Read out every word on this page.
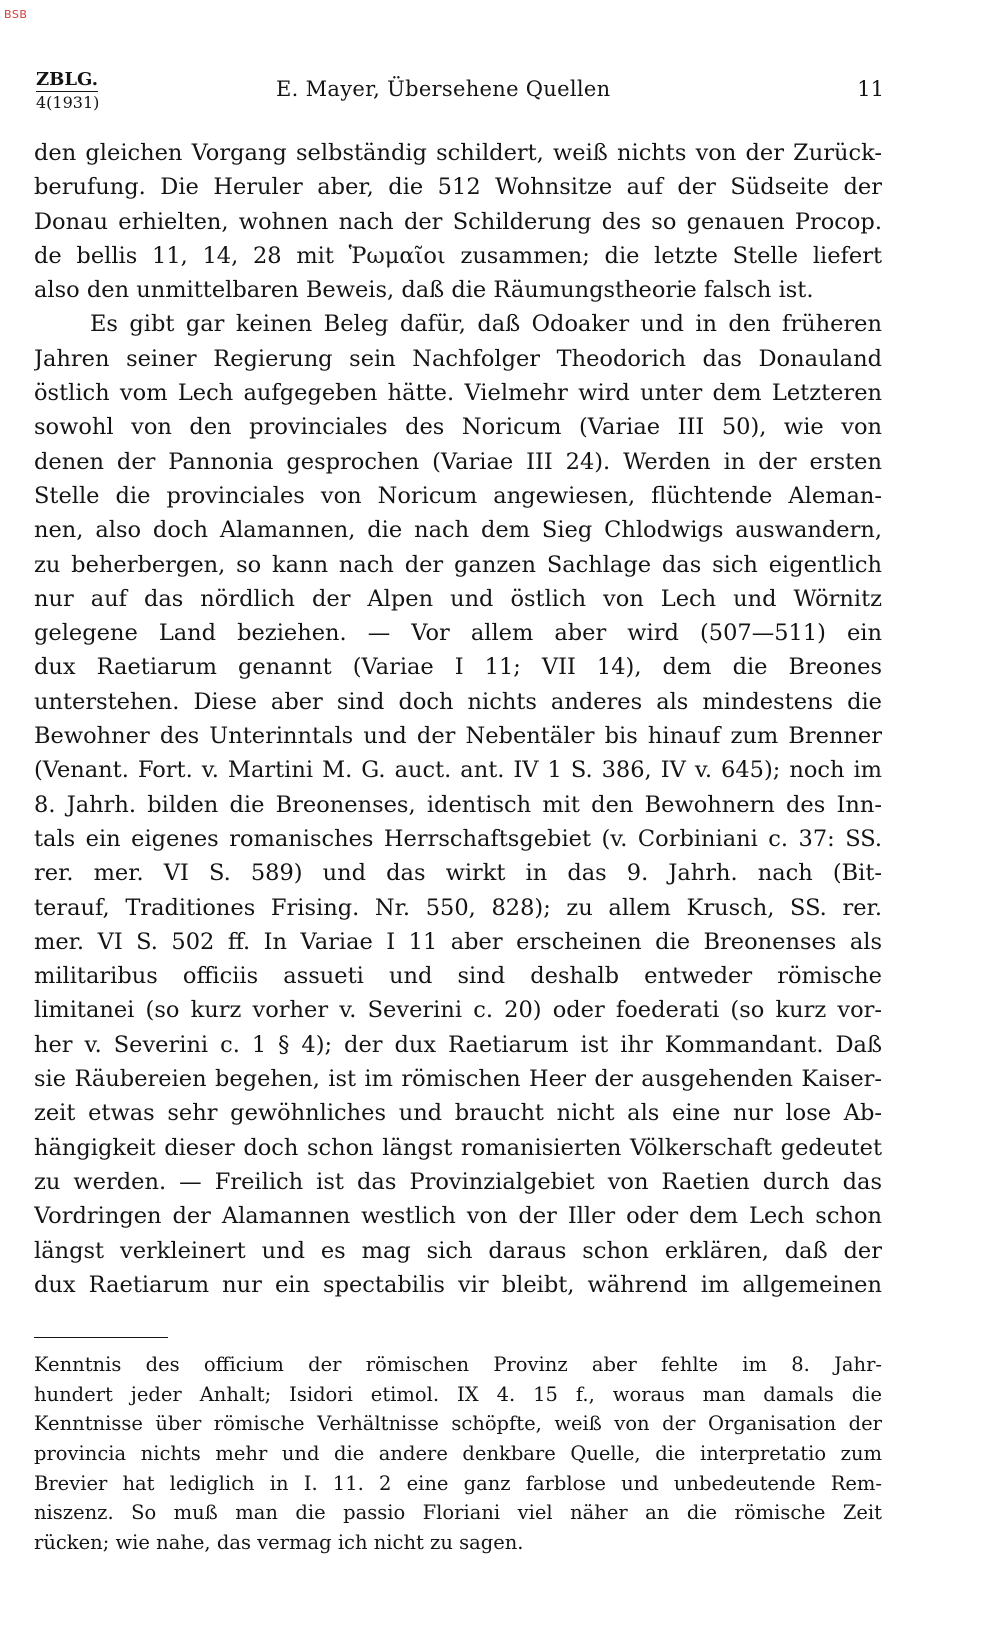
BSB
ZBLG.
4(1931)
E. Mayer, Übersehene Quellen	11
den gleichen Vorgang selbständig schildert, weiß nichts von der Zurück-
berufung. Die Heruler aber, die 512 Wohnsitze auf der Südseite der
Donau erhielten, wohnen nach der Schilderung des so genauen Procop.
de bellis 11, 14, 28 mit Ῥωμαῖοι zusammen; die letzte Stelle liefert
also den unmittelbaren Beweis, daß die Räumungstheorie falsch ist.
Es gibt gar keinen Beleg dafür, daß Odoaker und in den früheren
Jahren seiner Regierung sein Nachfolger Theodorich das Donauland
östlich vom Lech aufgegeben hätte. Vielmehr wird unter dem Letzteren
sowohl von den provinciales des Noricum (Variae III 50), wie von
denen der Pannonia gesprochen (Variae III 24). Werden in der ersten
Stelle die provinciales von Noricum angewiesen, flüchtende Aleman-
nen, also doch Alamannen, die nach dem Sieg Chlodwigs auswandern,
zu beherbergen, so kann nach der ganzen Sachlage das sich eigentlich
nur auf das nördlich der Alpen und östlich von Lech und Wörnitz
gelegene Land beziehen. — Vor allem aber wird (507—511) ein
dux Raetiarum genannt (Variae I 11; VII 14), dem die Breones
unterstehen. Diese aber sind doch nichts anderes als mindestens die
Bewohner des Unterinntals und der Nebentäler bis hinauf zum Brenner
(Venant. Fort. v. Martini M. G. auct. ant. IV 1 S. 386, IV v. 645); noch im
8. Jahrh. bilden die Breonenses, identisch mit den Bewohnern des Inn-
tals ein eigenes romanisches Herrschaftsgebiet (v. Corbiniani c. 37: SS.
rer. mer. VI S. 589) und das wirkt in das 9. Jahrh. nach (Bit-
terauf, Traditiones Frising. Nr. 550, 828); zu allem Krusch, SS. rer.
mer. VI S. 502 ff. In Variae I 11 aber erscheinen die Breonenses als
militaribus officiis assueti und sind deshalb entweder römische
limitanei (so kurz vorher v. Severini c. 20) oder foederati (so kurz vor-
her v. Severini c. 1 § 4); der dux Raetiarum ist ihr Kommandant. Daß
sie Räubereien begehen, ist im römischen Heer der ausgehenden Kaiser-
zeit etwas sehr gewöhnliches und braucht nicht als eine nur lose Ab-
hängigkeit dieser doch schon längst romanisierten Völkerschaft gedeutet
zu werden. — Freilich ist das Provinzialgebiet von Raetien durch das
Vordringen der Alamannen westlich von der Iller oder dem Lech schon
längst verkleinert und es mag sich daraus schon erklären, daß der
dux Raetiarum nur ein spectabilis vir bleibt, während im allgemeinen
Kenntnis des officium der römischen Provinz aber fehlte im 8. Jahr-
hundert jeder Anhalt; Isidori etimol. IX 4. 15 f., woraus man damals die
Kenntnisse über römische Verhältnisse schöpfte, weiß von der Organisation der
provincia nichts mehr und die andere denkbare Quelle, die interpretatio zum
Brevier hat lediglich in I. 11. 2 eine ganz farblose und unbedeutende Rem-
niszenz. So muß man die passio Floriani viel näher an die römische Zeit
rücken; wie nahe, das vermag ich nicht zu sagen.
